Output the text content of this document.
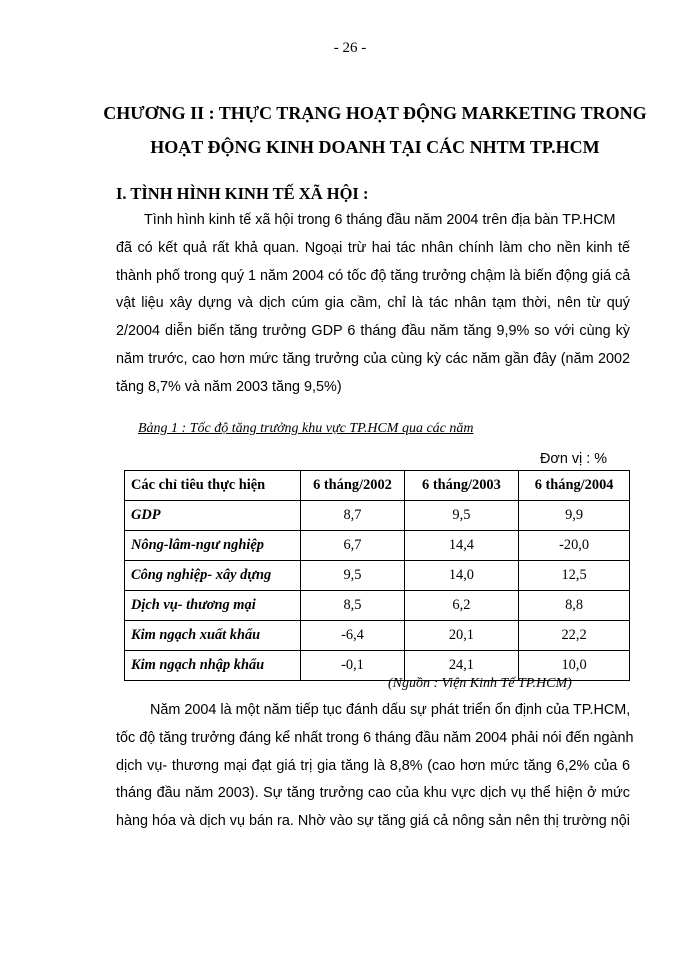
- 26 -
CHƯƠNG II : THỰC TRẠNG HOẠT ĐỘNG MARKETING TRONG
HOẠT ĐỘNG KINH DOANH TẠI CÁC NHTM TP.HCM
I. TÌNH HÌNH KINH TẾ XÃ HỘI :
Tình hình kinh tế xã hội trong 6 tháng đầu năm 2004 trên địa bàn TP.HCM
đã có kết quả rất khả quan. Ngoại trừ hai tác nhân chính làm cho nền kinh tế
thành phố trong quý 1 năm 2004 có tốc độ tăng trưởng chậm là biến động giá cả
vật liệu xây dựng và dịch cúm gia cầm, chỉ là tác nhân tạm thời, nên từ quý
2/2004 diễn biến tăng trưởng GDP 6 tháng đầu năm tăng 9,9% so với cùng kỳ
năm trước, cao hơn mức tăng trưởng của cùng kỳ các năm gần đây (năm 2002
tăng 8,7% và năm 2003 tăng 9,5%)
Bảng 1 : Tốc độ tăng trưởng khu vực TP.HCM qua các năm
Đơn vị : %
Các chỉ tiêu thực hiện	6 tháng/2002	6 tháng/2003	6 tháng/2004
GDP	8,7	9,5	9,9
Nông-lâm-ngư nghiệp	6,7	14,4	-20,0
Công nghiệp- xây dựng	9,5	14,0	12,5
Dịch vụ- thương mại	8,5	6,2	8,8
Kim ngạch xuất khẩu	-6,4	20,1	22,2
Kim ngạch nhập khẩu	-0,1	24,1	10,0
(Nguồn : Viện Kinh Tế TP.HCM)
Năm 2004 là một năm tiếp tục đánh dấu sự phát triển ổn định của TP.HCM,
tốc độ tăng trưởng đáng kể nhất trong 6 tháng đầu năm 2004 phải nói đến ngành
dịch vụ- thương mại đạt giá trị gia tăng là 8,8% (cao hơn mức tăng 6,2% của 6
tháng đầu năm 2003). Sự tăng trưởng cao của khu vực dịch vụ thể hiện ở mức
hàng hóa và dịch vụ bán ra. Nhờ vào sự tăng giá cả nông sản nên thị trường nội
